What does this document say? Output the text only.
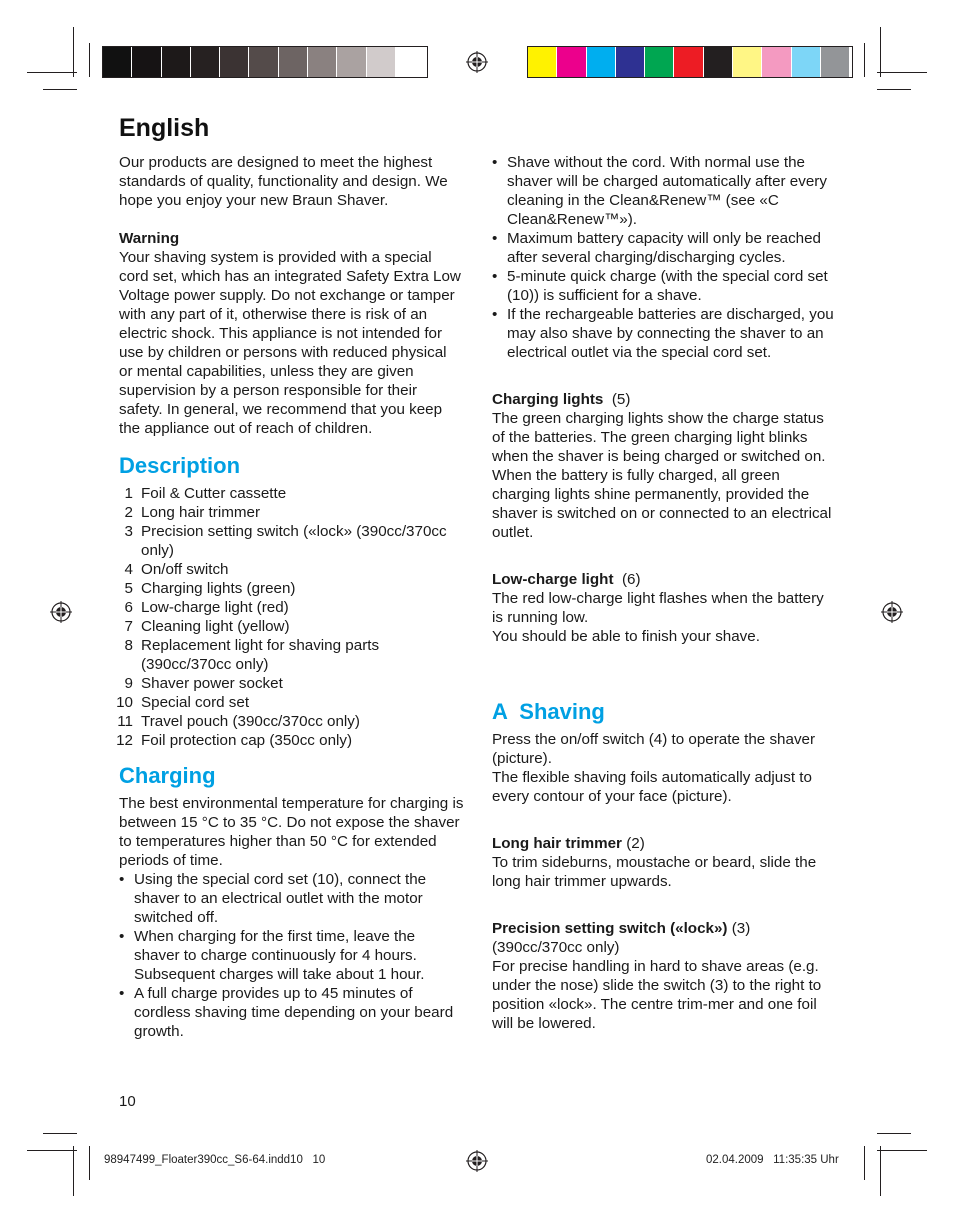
English

Our products are designed to meet the highest standards of quality, functionality and design. We hope you enjoy your new Braun Shaver.

Warning

Your shaving system is provided with a special cord set, which has an integrated Safety Extra Low Voltage power supply. Do not exchange or tamper with any part of it, otherwise there is risk of an electric shock. This appliance is not intended for use by children or persons with reduced physical or mental capabilities, unless they are given supervision by a person responsible for their safety. In general, we recommend that you keep the appliance out of reach of children.

Description
1 Foil & Cutter cassette
2 Long hair trimmer
3 Precision setting switch («lock» (390cc/370cc only)
4 On/off switch
5 Charging lights (green)
6 Low-charge light (red)
7 Cleaning light (yellow)
8 Replacement light for shaving parts (390cc/370cc only)
9 Shaver power socket
10 Special cord set
11 Travel pouch (390cc/370cc only)
12 Foil protection cap (350cc only)
Charging

The best environmental temperature for charging is between 15 °C to 35 °C. Do not expose the shaver to temperatures higher than 50 °C for extended periods of time.

• Using the special cord set (10), connect the shaver to an electrical outlet with the motor switched off.
• When charging for the first time, leave the shaver to charge continuously for 4 hours. Subsequent charges will take about 1 hour.
• A full charge provides up to 45 minutes of cordless shaving time depending on your beard growth.
• Shave without the cord. With normal use the shaver will be charged automatically after every cleaning in the Clean&Renew™ (see «C Clean&Renew™»).
• Maximum battery capacity will only be reached after several charging/discharging cycles.
• 5-minute quick charge (with the special cord set (10)) is sufficient for a shave.
• If the rechargeable batteries are discharged, you may also shave by connecting the shaver to an electrical outlet via the special cord set.

Charging lights (5)

The green charging lights show the charge status of the batteries. The green charging light blinks when the shaver is being charged or switched on. When the battery is fully charged, all green charging lights shine permanently, provided the shaver is switched on or connected to an electrical outlet.

Low-charge light (6)

The red low-charge light flashes when the battery is running low.

You should be able to finish your shave.

A  Shaving

Press the on/off switch (4) to operate the shaver (picture).

The flexible shaving foils automatically adjust to every contour of your face (picture).

Long hair trimmer (2)

To trim sideburns, moustache or beard, slide the long hair trimmer upwards.

Precision setting switch («lock») (3)

(390cc/370cc only)

For precise handling in hard to shave areas (e.g. under the nose) slide the switch (3) to the right to position «lock». The centre trim-mer and one foil will be lowered.

10
98947499_Floater390cc_S6-64.indd10   10	02.04.2009   11:35:35 Uhr
